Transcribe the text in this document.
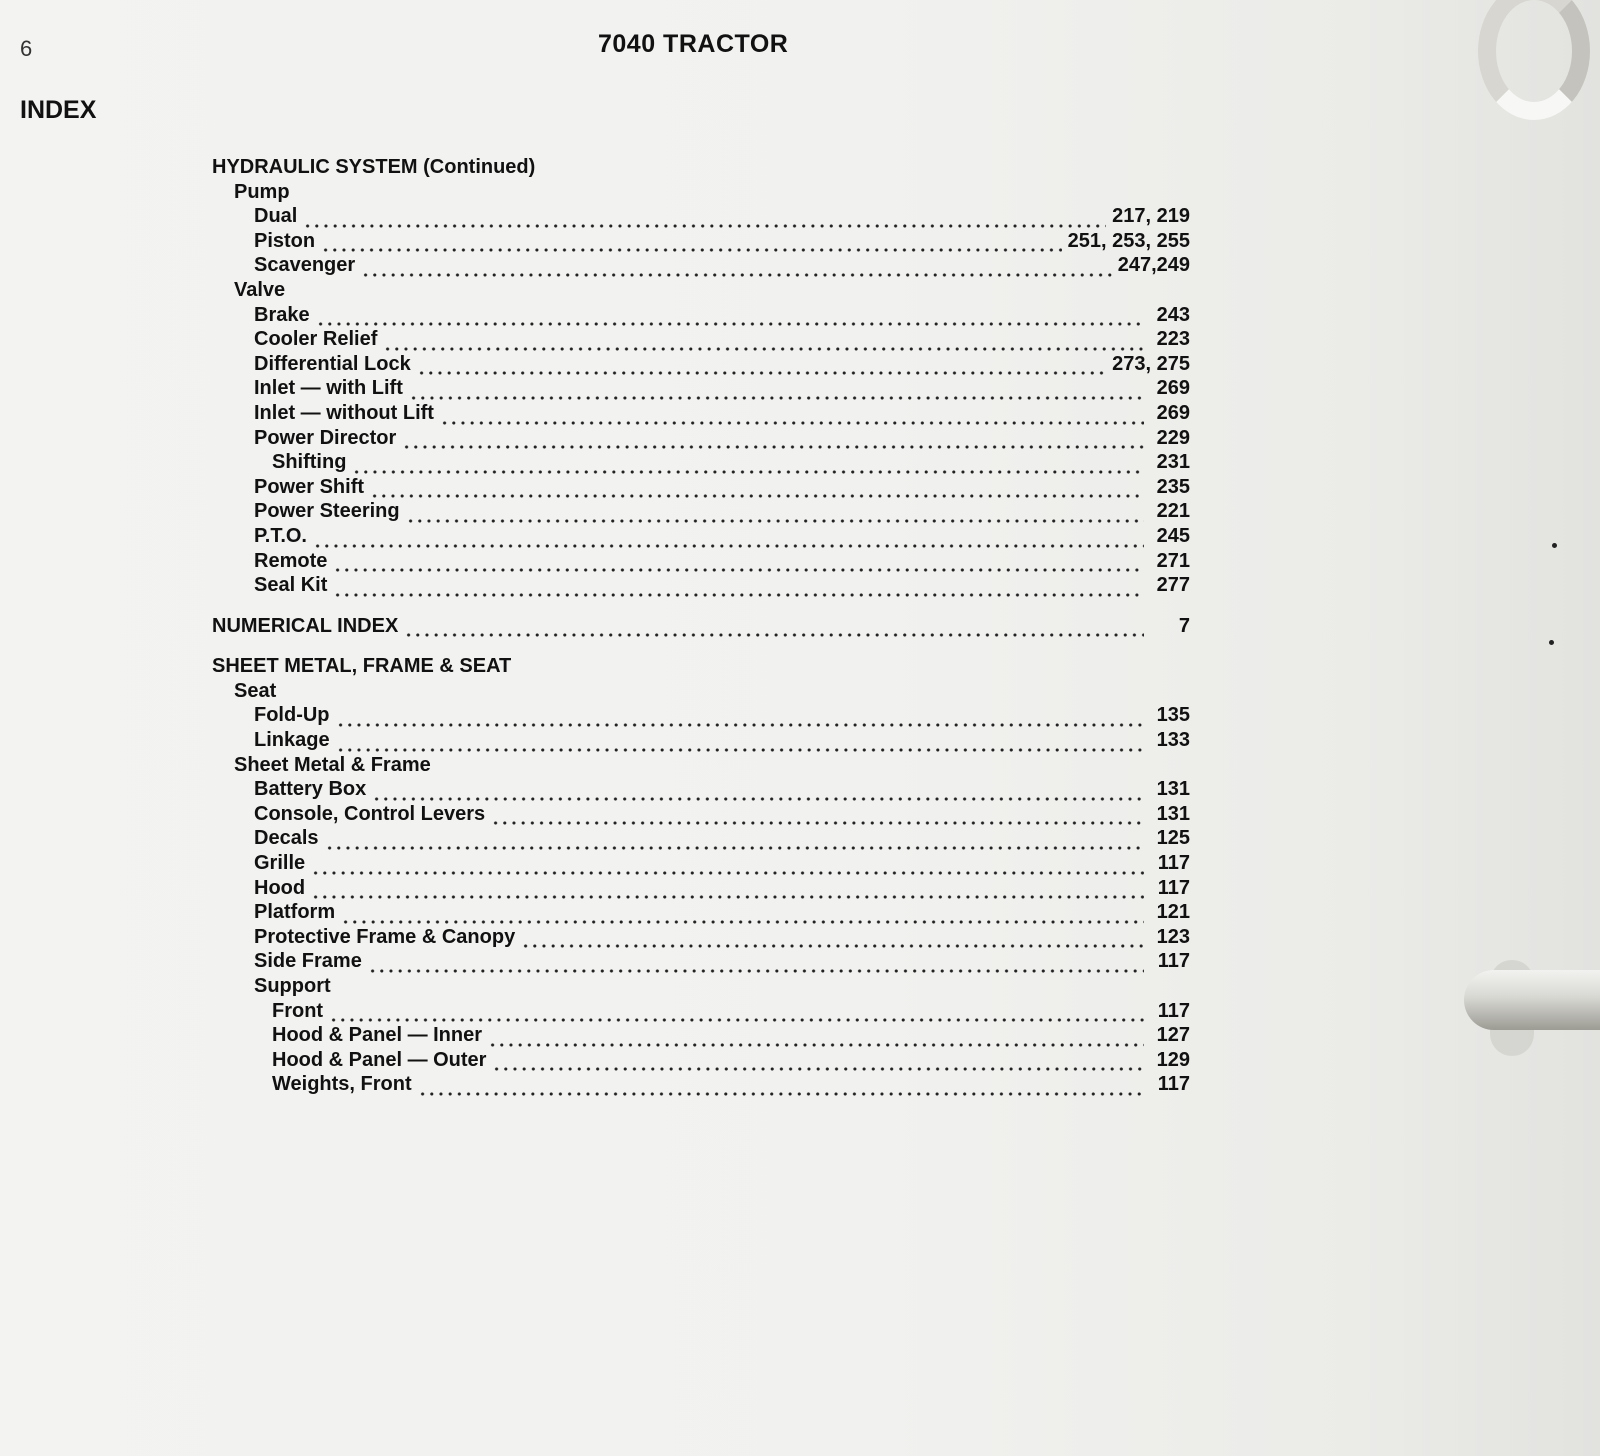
6	7040 TRACTOR
INDEX
HYDRAULIC SYSTEM (Continued)
Pump
Dual	217, 219
Piston	251, 253, 255
Scavenger	247,249
Valve
Brake	243
Cooler Relief	223
Differential Lock	273, 275
Inlet — with Lift	269
Inlet — without Lift	269
Power Director	229
Shifting	231
Power Shift	235
Power Steering	221
P.T.O.	245
Remote	271
Seal Kit	277
NUMERICAL INDEX	7
SHEET METAL, FRAME & SEAT
Seat
Fold-Up	135
Linkage	133
Sheet Metal & Frame
Battery Box	131
Console, Control Levers	131
Decals	125
Grille	117
Hood	117
Platform	121
Protective Frame & Canopy	123
Side Frame	117
Support
Front	117
Hood & Panel — Inner	127
Hood & Panel — Outer	129
Weights, Front	117
